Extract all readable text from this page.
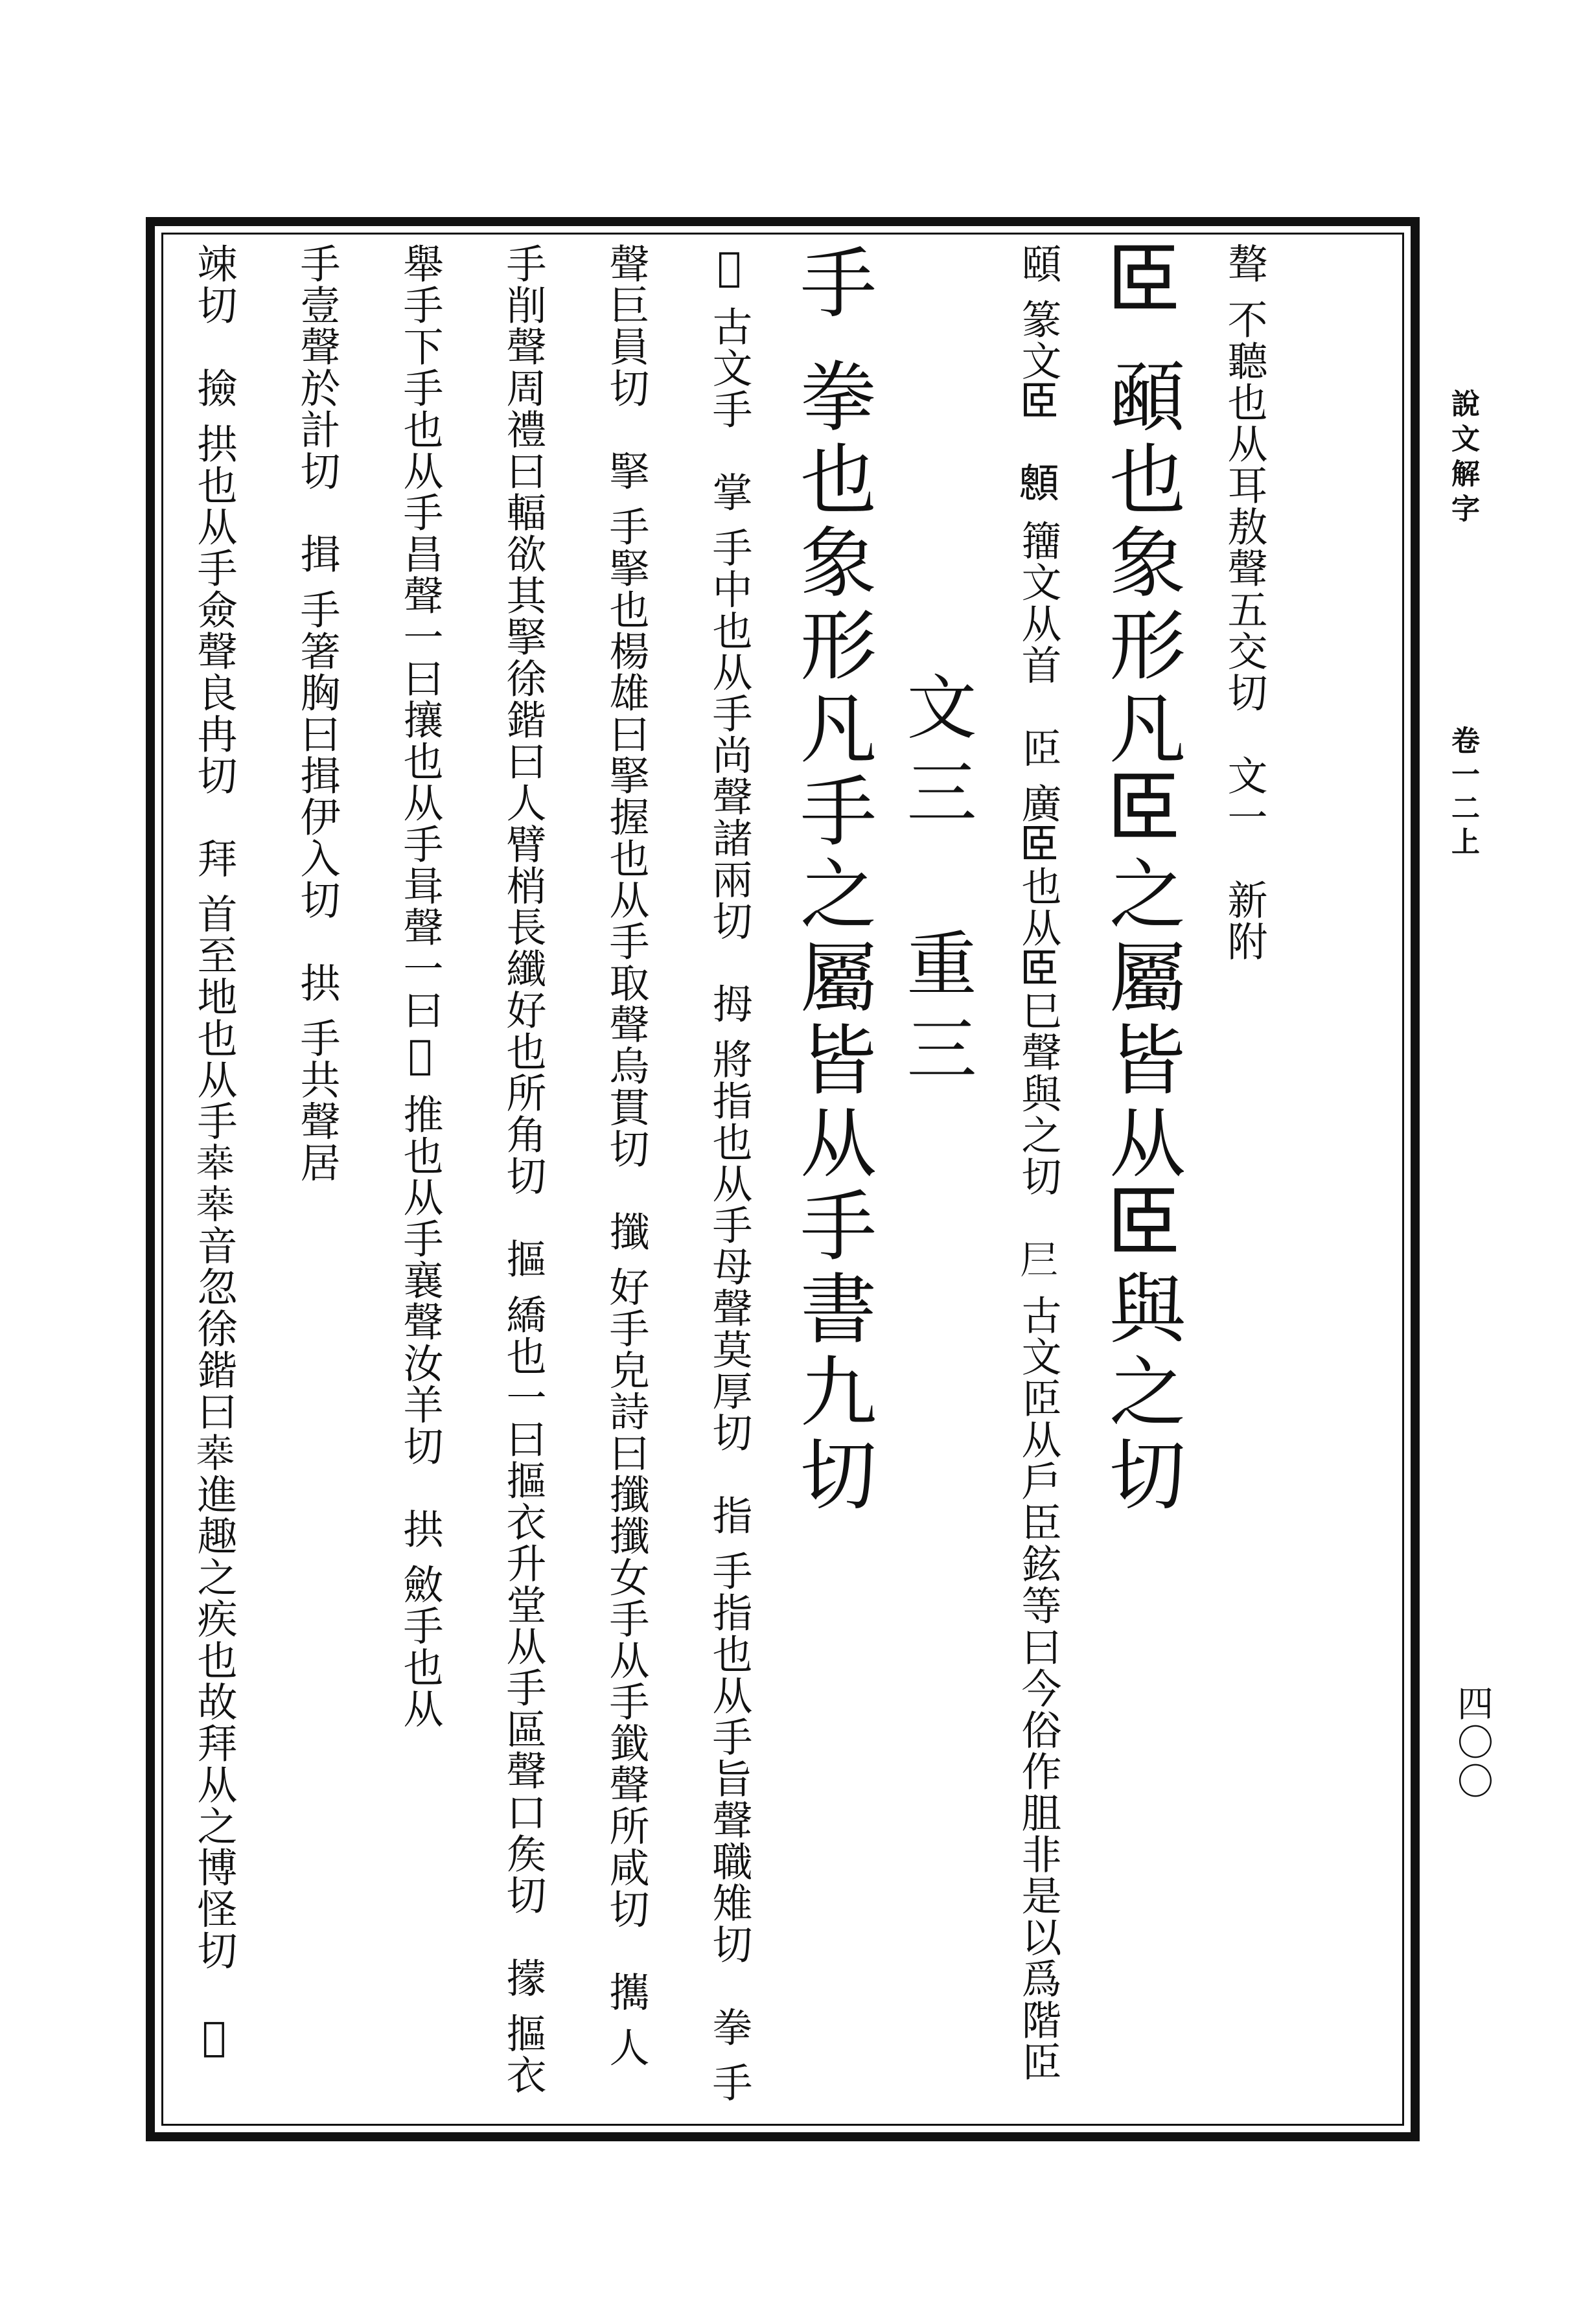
說文解字
卷一二上
四〇〇
聱 不聽也从耳敖聲五交切　文一　新附
𦣞 顄也象形凡𦣞之屬皆从𦣞與之切
頤 篆文𦣞　𩕄 籒文从首　𦣝 廣𦣞也从𦣞巳聲與之切　𡰥 古文𦣝从戶臣鉉等曰今俗作䏣非是以爲階𦣝
文三　重三
手 拳也象形凡手之屬皆从手書九切
𢪅 古文手　掌 手中也从手尚聲諸兩切　拇 將指也从手母聲莫厚切　指 手指也从手旨聲職雉切　拳 手
聲巨員切　掔 手掔也楊雄曰掔握也从手取聲烏貫切　攕 好手皃詩曰攕攕女手从手韱聲所咸切　𢹂 人
手削聲周禮曰輻欲其掔徐鍇曰人臂梢長纖好也所角切　摳 繑也一曰摳衣升堂从手區聲口矦切　㩚 摳衣　
舉手下手也从手昌聲一曰攘也从手咠聲一曰𢴃 推也从手襄聲汝羊切　拱 斂手也从
手壹聲於計切　揖 手箸胸曰揖伊入切　拱 手共聲居
竦切　撿 拱也从手僉聲良冉切　拜 首至地也从手𠦪𠦪音忽徐鍇曰𠦪進趣之疾也故拜从之博怪切　𢯏
